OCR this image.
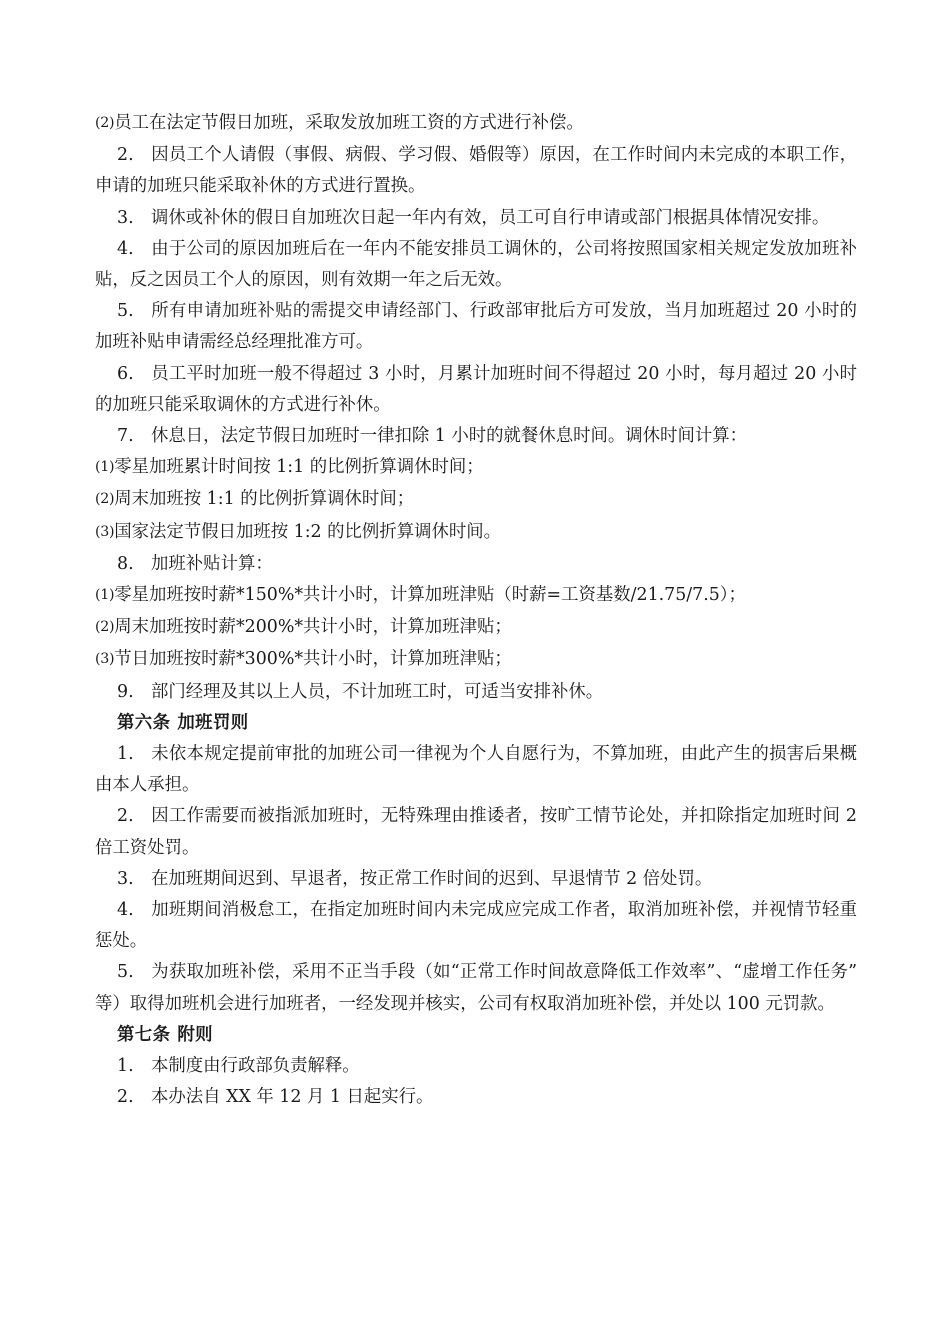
(2)员工在法定节假日加班，采取发放加班工资的方式进行补偿。

2. 因员工个人请假（事假、病假、学习假、婚假等）原因，在工作时间内未完成的本职工作，申请的加班只能采取补休的方式进行置换。

3. 调休或补休的假日自加班次日起一年内有效，员工可自行申请或部门根据具体情况安排。

4. 由于公司的原因加班后在一年内不能安排员工调休的，公司将按照国家相关规定发放加班补贴，反之因员工个人的原因，则有效期一年之后无效。

5. 所有申请加班补贴的需提交申请经部门、行政部审批后方可发放，当月加班超过 20 小时的加班补贴申请需经总经理批准方可。

6. 员工平时加班一般不得超过 3 小时，月累计加班时间不得超过 20 小时，每月超过 20 小时的加班只能采取调休的方式进行补休。

7. 休息日，法定节假日加班时一律扣除 1 小时的就餐休息时间。调休时间计算：

(1)零星加班累计时间按 1:1 的比例折算调休时间；

(2)周末加班按 1:1 的比例折算调休时间；

(3)国家法定节假日加班按 1:2 的比例折算调休时间。

8. 加班补贴计算：

(1)零星加班按时薪*150%*共计小时，计算加班津贴（时薪=工资基数/21.75/7.5）；

(2)周末加班按时薪*200%*共计小时，计算加班津贴；

(3)节日加班按时薪*300%*共计小时，计算加班津贴；

9. 部门经理及其以上人员，不计加班工时，可适当安排补休。

第六条 加班罚则

1. 未依本规定提前审批的加班公司一律视为个人自愿行为，不算加班，由此产生的损害后果概由本人承担。

2. 因工作需要而被指派加班时，无特殊理由推诿者，按旷工情节论处，并扣除指定加班时间 2 倍工资处罚。

3. 在加班期间迟到、早退者，按正常工作时间的迟到、早退情节 2 倍处罚。

4. 加班期间消极怠工，在指定加班时间内未完成应完成工作者，取消加班补偿，并视情节轻重惩处。

5. 为获取加班补偿，采用不正当手段（如“正常工作时间故意降低工作效率”、“虚增工作任务”等）取得加班机会进行加班者，一经发现并核实，公司有权取消加班补偿，并处以 100 元罚款。

第七条 附则

1. 本制度由行政部负责解释。

2. 本办法自 XX 年 12 月 1 日起实行。
